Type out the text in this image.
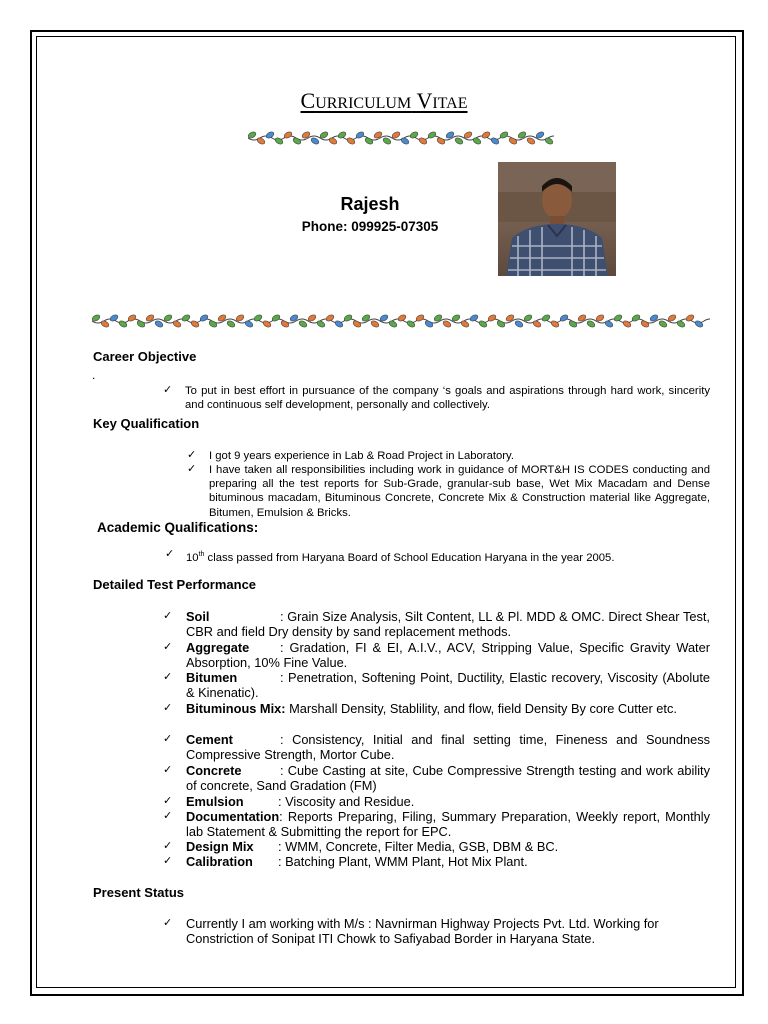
CURRICULUM VITAE
Rajesh
Phone: 099925-07305
Career Objective
.
✓ To put in best effort in pursuance of the company ‘s goals and aspirations through hard work, sincerity and continuous self development, personally and collectively.
Key Qualification
✓ I got 9 years experience in Lab & Road Project in Laboratory.
✓ I have taken all responsibilities including work in guidance of MORT&H IS CODES conducting and preparing all the test reports for Sub-Grade, granular-sub base, Wet Mix Macadam and Dense bituminous macadam, Bituminous Concrete, Concrete Mix & Construction material like Aggregate, Bitumen, Emulsion & Bricks.
Academic Qualifications:
✓ 10th class passed from Haryana Board of School Education Haryana in the year 2005.
Detailed Test Performance
✓ Soil	: Grain Size Analysis, Silt Content, LL & Pl. MDD & OMC. Direct Shear Test, CBR and field Dry density by sand replacement methods.
✓ Aggregate : Gradation, FI & EI, A.I.V., ACV, Stripping Value, Specific Gravity Water Absorption, 10% Fine Value.
✓ Bitumen	: Penetration, Softening Point, Ductility, Elastic recovery, Viscosity (Abolute & Kinenatic).
✓ Bituminous Mix: Marshall Density, Stablility, and flow, field Density By core Cutter etc.
✓ Cement	: Consistency, Initial and final setting time, Fineness and Soundness Compressive Strength, Mortor Cube.
✓ Concrete	: Cube Casting at site, Cube Compressive Strength testing and work ability of concrete, Sand Gradation (FM)
✓ Emulsion	: Viscosity and Residue.
✓ Documentation: Reports Preparing, Filing, Summary Preparation, Weekly report, Monthly lab Statement & Submitting the report for EPC.
✓ Design Mix : WMM, Concrete, Filter Media, GSB, DBM & BC.
✓ Calibration : Batching Plant, WMM Plant, Hot Mix Plant.
Present Status
✓ Currently I am working with M/s : Navnirman Highway Projects Pvt. Ltd. Working for Constriction of Sonipat ITI Chowk to Safiyabad Border in Haryana State.
